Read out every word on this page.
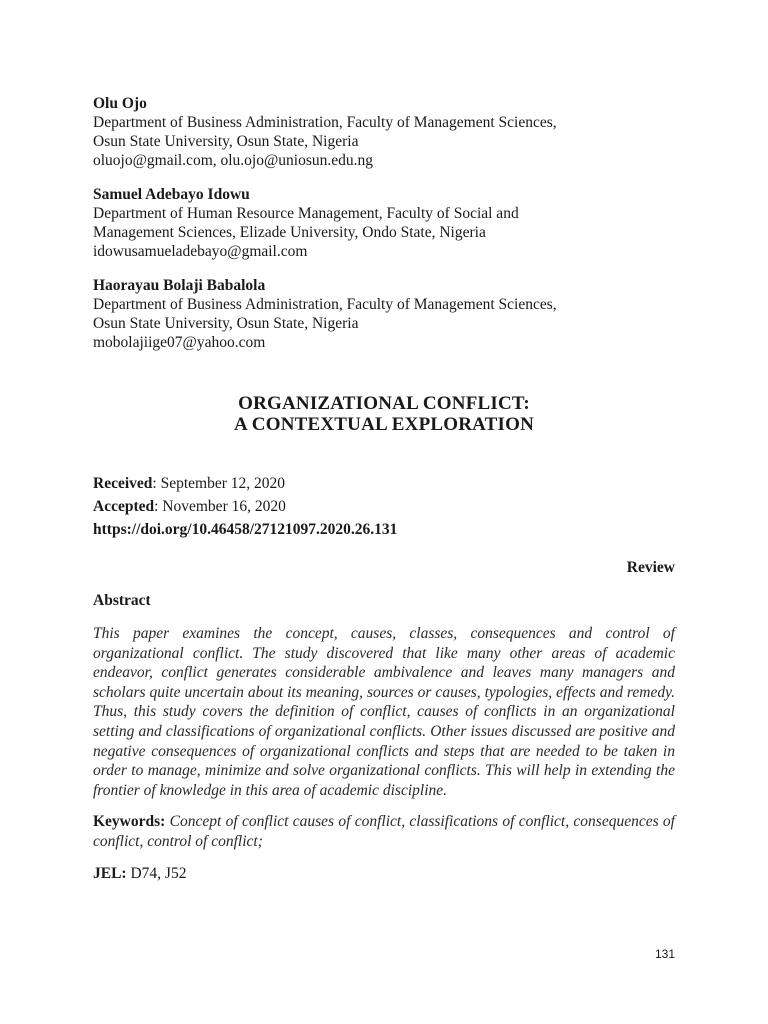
Olu Ojo
Department of Business Administration, Faculty of Management Sciences,
Osun State University, Osun State, Nigeria
oluojo@gmail.com, olu.ojo@uniosun.edu.ng
Samuel Adebayo Idowu
Department of Human Resource Management, Faculty of Social and
Management Sciences, Elizade University, Ondo State, Nigeria
idowusamueladebayo@gmail.com
Haorayau Bolaji Babalola
Department of Business Administration, Faculty of Management Sciences,
Osun State University, Osun State, Nigeria
mobolajiige07@yahoo.com
ORGANIZATIONAL CONFLICT:
A CONTEXTUAL EXPLORATION
Received: September 12, 2020
Accepted: November 16, 2020
https://doi.org/10.46458/27121097.2020.26.131
Review
Abstract
This paper examines the concept, causes, classes, consequences and control of organizational conflict. The study discovered that like many other areas of academic endeavor, conflict generates considerable ambivalence and leaves many managers and scholars quite uncertain about its meaning, sources or causes, typologies, effects and remedy. Thus, this study covers the definition of conflict, causes of conflicts in an organizational setting and classifications of organizational conflicts. Other issues discussed are positive and negative consequences of organizational conflicts and steps that are needed to be taken in order to manage, minimize and solve organizational conflicts. This will help in extending the frontier of knowledge in this area of academic discipline.
Keywords: Concept of conflict causes of conflict, classifications of conflict, consequences of conflict, control of conflict;
JEL: D74, J52
131
